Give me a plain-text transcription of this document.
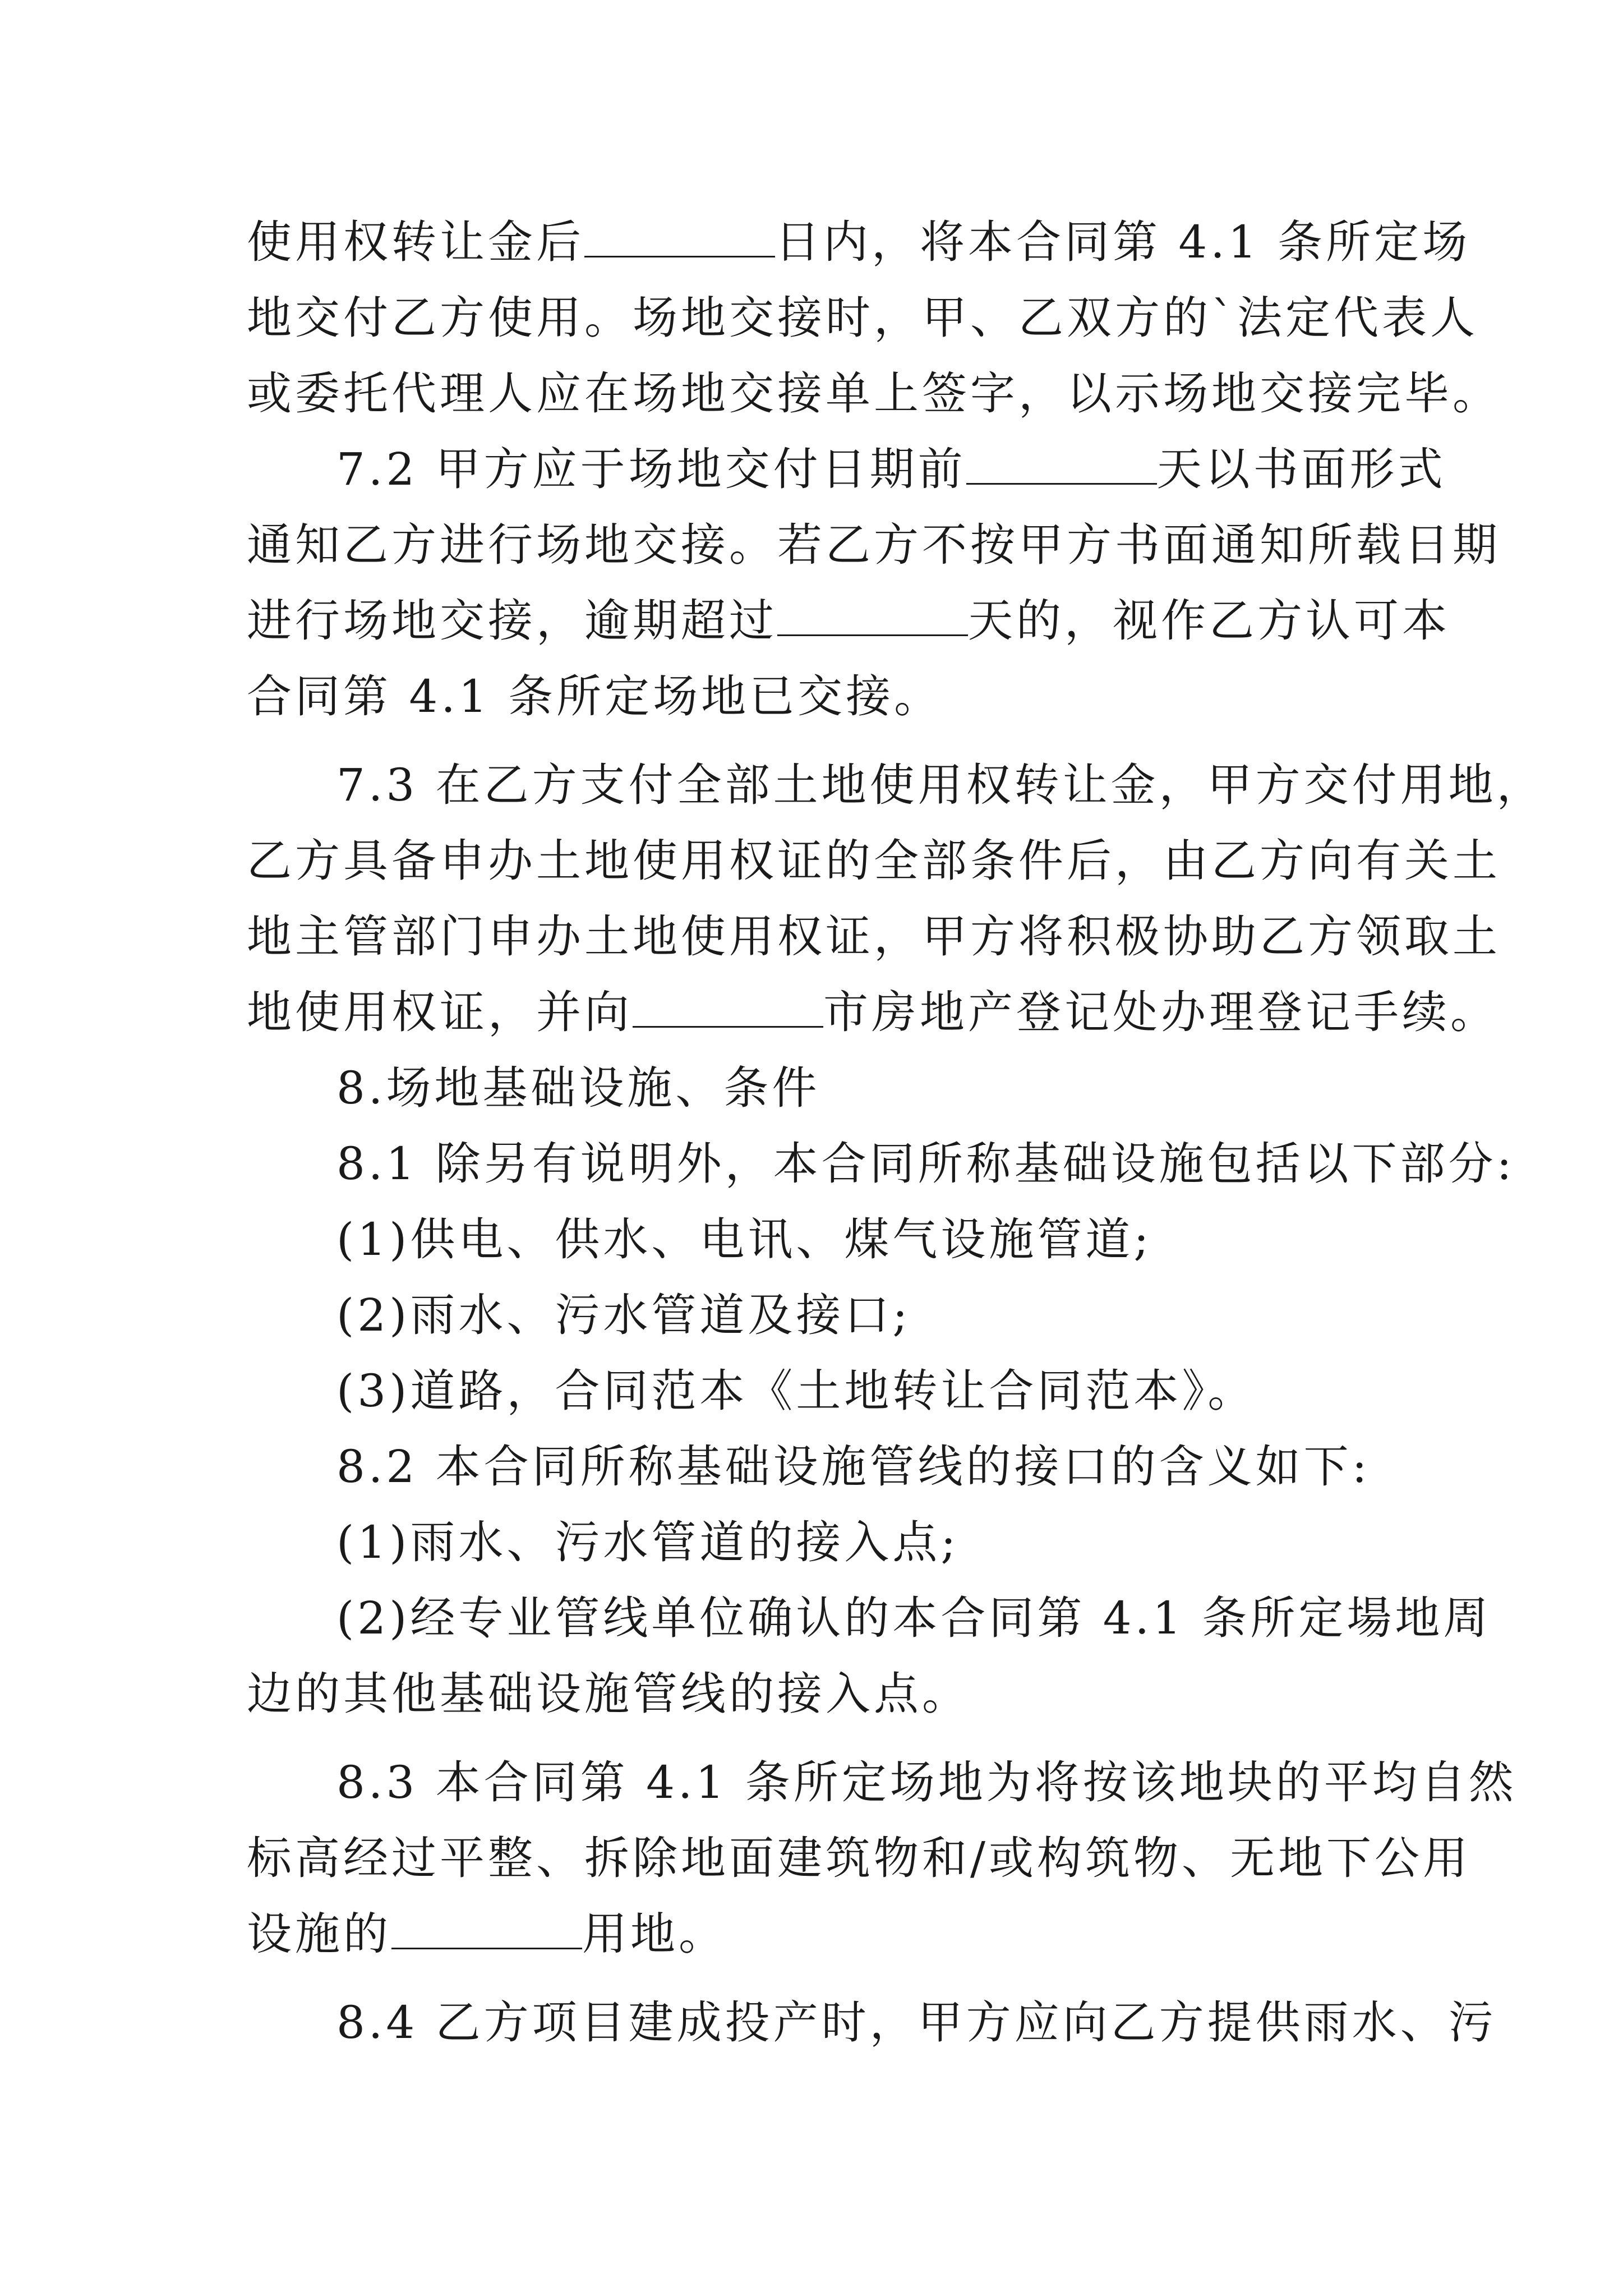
使用权转让金后	日内，将本合同第 4.1 条所定场
地交付乙方使用。场地交接时，甲、乙双方的`法定代表人
或委托代理人应在场地交接单上签字，以示场地交接完毕。
7.2 甲方应于场地交付日期前	天以书面形式
通知乙方进行场地交接。若乙方不按甲方书面通知所载日期
进行场地交接，逾期超过	天的，视作乙方认可本
合同第 4.1 条所定场地已交接。
7.3 在乙方支付全部土地使用权转让金，甲方交付用地，
乙方具备申办土地使用权证的全部条件后，由乙方向有关土
地主管部门申办土地使用权证，甲方将积极协助乙方领取土
地使用权证，并向	市房地产登记处办理登记手续。
8.场地基础设施、条件
8.1 除另有说明外，本合同所称基础设施包括以下部分:
(1)供电、供水、电讯、煤气设施管道;
(2)雨水、污水管道及接口;
(3)道路，合同范本《土地转让合同范本》。
8.2 本合同所称基础设施管线的接口的含义如下:
(1)雨水、污水管道的接入点;
(2)经专业管线单位确认的本合同第 4.1 条所定場地周
边的其他基础设施管线的接入点。
8.3 本合同第 4.1 条所定场地为将按该地块的平均自然
标高经过平整、拆除地面建筑物和/或构筑物、无地下公用
设施的	用地。
8.4 乙方项目建成投产时，甲方应向乙方提供雨水、污
